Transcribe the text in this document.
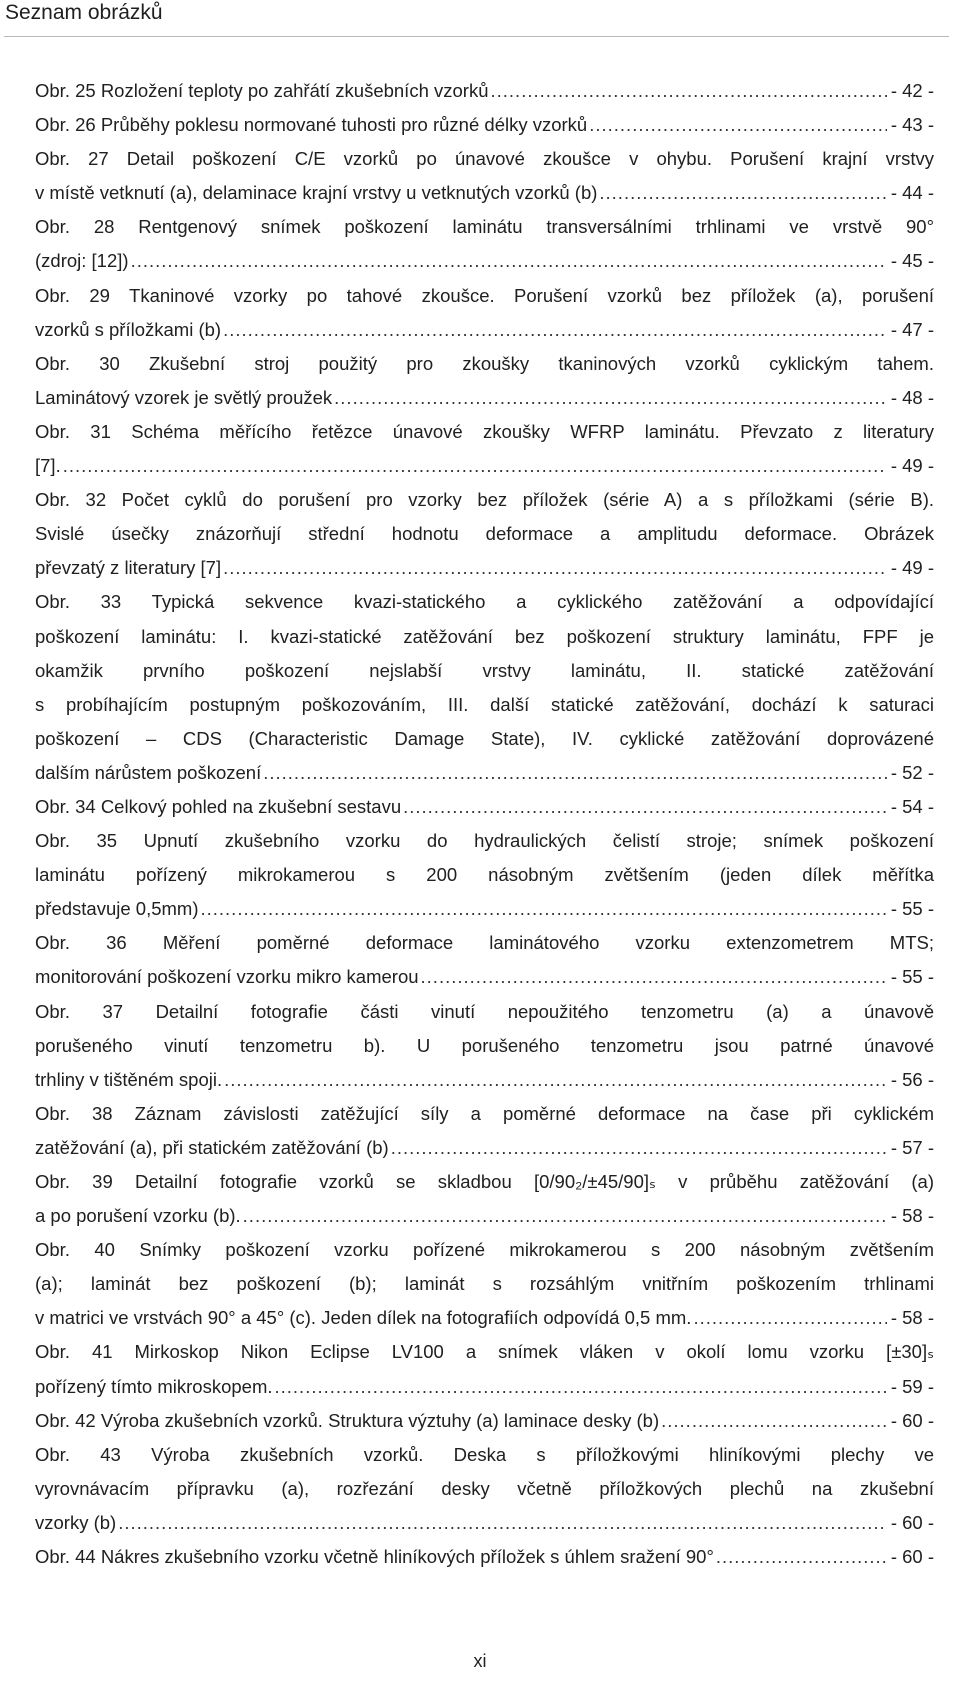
Seznam obrázků
Obr. 25 Rozložení teploty po zahřátí zkušebních vzorků .....	- 42 -
Obr. 26 Průběhy poklesu normované tuhosti pro různé délky vzorků .....	- 43 -
Obr. 27 Detail poškození C/E vzorků po únavové zkoušce v ohybu. Porušení krajní vrstvy
v místě vetknutí (a), delaminace krajní vrstvy u vetknutých vzorků (b) .....	- 44 -
Obr. 28 Rentgenový snímek poškození laminátu transversálními trhlinami ve vrstvě 90°
(zdroj: [12]) .....	- 45 -
Obr. 29 Tkaninové vzorky po tahové zkoušce. Porušení vzorků bez příložek (a), porušení
vzorků s příložkami (b) .....	- 47 -
Obr. 30 Zkušební stroj použitý pro zkoušky tkaninových vzorků cyklickým tahem.
Laminátový vzorek je světlý proužek .....	- 48 -
Obr. 31 Schéma měřícího řetězce únavové zkoušky WFRP laminátu. Převzato z literatury
[7]. .....	- 49 -
Obr. 32 Počet cyklů do porušení pro vzorky bez příložek (série A) a s příložkami (série B).
Svislé úsečky znázorňují střední hodnotu deformace a amplitudu deformace. Obrázek
převzatý z literatury [7] .....	- 49 -
Obr. 33 Typická sekvence kvazi-statického a cyklického zatěžování a odpovídající
poškození laminátu: I. kvazi-statické zatěžování bez poškození struktury laminátu, FPF je
okamžik prvního poškození nejslabší vrstvy laminátu, II. statické zatěžování
s probíhajícím postupným poškozováním, III. další statické zatěžování, dochází k saturaci
poškození – CDS (Characteristic Damage State), IV. cyklické zatěžování doprovázené
dalším nárůstem poškození .....	- 52 -
Obr. 34 Celkový pohled na zkušební sestavu .....	- 54 -
Obr. 35 Upnutí zkušebního vzorku do hydraulických čelistí stroje; snímek poškození
laminátu pořízený mikrokamerou s 200 násobným zvětšením (jeden dílek měřítka
představuje 0,5mm) .....	- 55 -
Obr. 36 Měření poměrné deformace laminátového vzorku extenzometrem MTS;
monitorování poškození vzorku mikro kamerou .....	- 55 -
Obr. 37 Detailní fotografie části vinutí nepoužitého tenzometru (a) a únavově
porušeného vinutí tenzometru b). U porušeného tenzometru jsou patrné únavové
trhliny v tištěném spoji. .....	- 56 -
Obr. 38 Záznam závislosti zatěžující síly a poměrné deformace na čase při cyklickém
zatěžování (a), při statickém zatěžování (b) .....	- 57 -
Obr. 39 Detailní fotografie vzorků se skladbou [0/90₂/±45/90]ₛ v průběhu zatěžování (a)
a po porušení vzorku (b). .....	- 58 -
Obr. 40 Snímky poškození vzorku pořízené mikrokamerou s 200 násobným zvětšením
(a); laminát bez poškození (b); laminát s rozsáhlým vnitřním poškozením trhlinami
v matrici ve vrstvách 90° a 45° (c). Jeden dílek na fotografiích odpovídá 0,5 mm. .....	- 58 -
Obr. 41 Mirkoskop Nikon Eclipse LV100 a snímek vláken v okolí lomu vzorku [±30]ₛ
pořízený tímto mikroskopem. .....	- 59 -
Obr. 42 Výroba zkušebních vzorků. Struktura výztuhy (a) laminace desky (b) .....	- 60 -
Obr. 43 Výroba zkušebních vzorků. Deska s příložkovými hliníkovými plechy ve
vyrovnávacím přípravku (a), rozřezání desky včetně příložkových plechů na zkušební
vzorky (b) .....	- 60 -
Obr. 44 Nákres zkušebního vzorku včetně hliníkových příložek s úhlem sražení 90° .....	- 60 -
xi
